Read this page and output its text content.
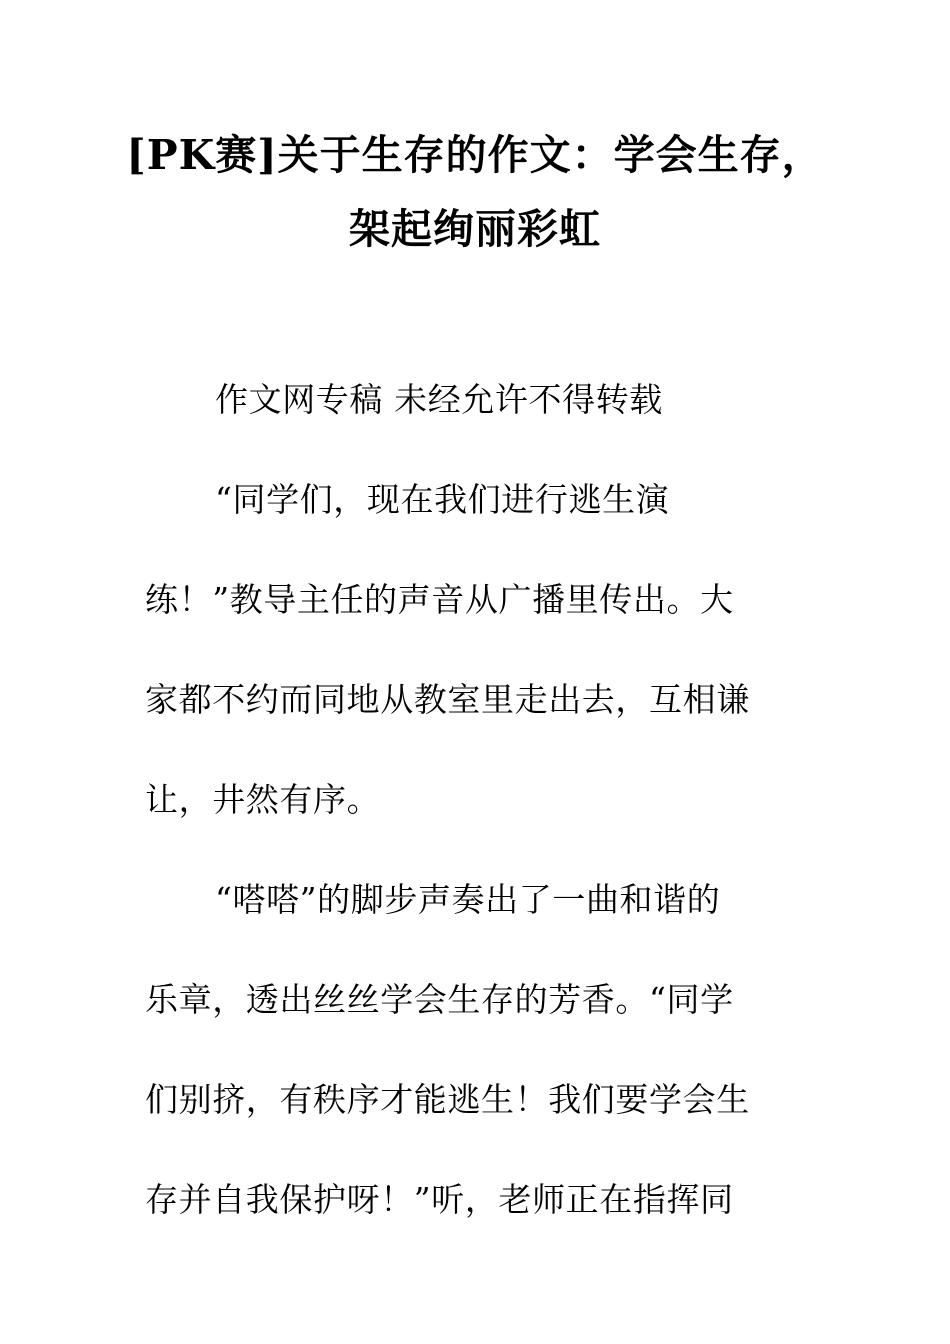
[PK赛]关于生存的作文：学会生存，
架起绚丽彩虹
作文网专稿 未经允许不得转载
“同学们，现在我们进行逃生演
练！”教导主任的声音从广播里传出。大
家都不约而同地从教室里走出去，互相谦
让，井然有序。
“嗒嗒”的脚步声奏出了一曲和谐的
乐章，透出丝丝学会生存的芳香。“同学
们别挤，有秩序才能逃生！我们要学会生
存并自我保护呀！”听，老师正在指挥同
